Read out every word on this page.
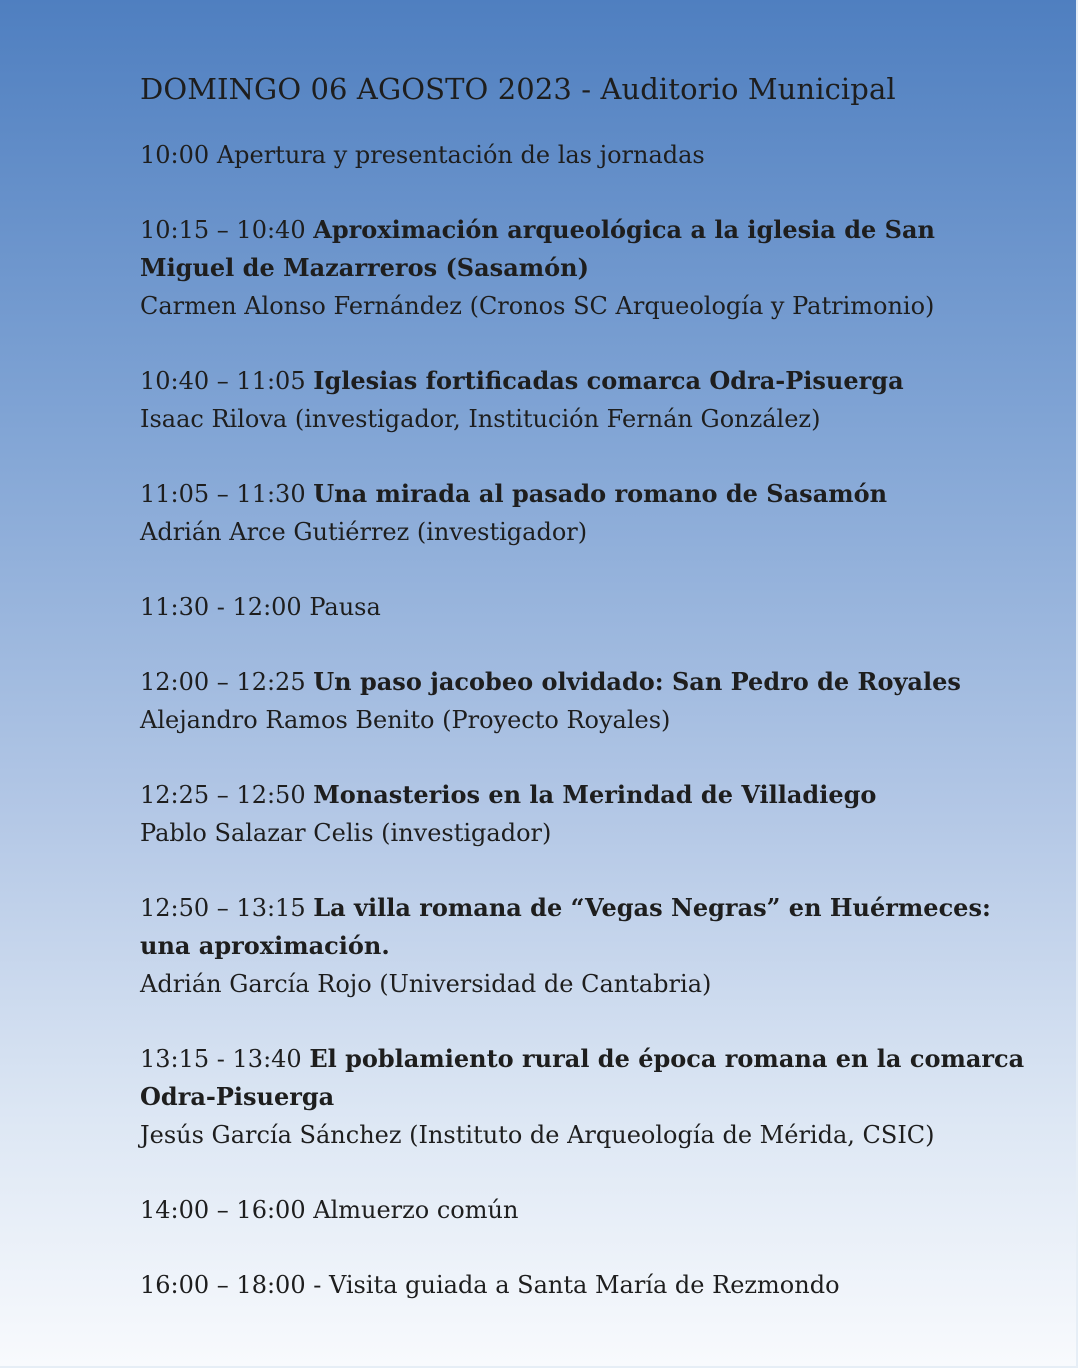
DOMINGO 06 AGOSTO 2023 - Auditorio Municipal

10:00 Apertura y presentación de las jornadas

10:15 – 10:40 Aproximación arqueológica a la iglesia de San Miguel de Mazarreros (Sasamón)

Carmen Alonso Fernández (Cronos SC Arqueología y Patrimonio)

10:40 – 11:05 Iglesias fortificadas comarca Odra-Pisuerga

Isaac Rilova (investigador, Institución Fernán González)

11:05 – 11:30 Una mirada al pasado romano de Sasamón

Adrián Arce Gutiérrez (investigador)

11:30 - 12:00 Pausa

12:00 – 12:25 Un paso jacobeo olvidado: San Pedro de Royales

Alejandro Ramos Benito (Proyecto Royales)

12:25 – 12:50 Monasterios en la Merindad de Villadiego

Pablo Salazar Celis (investigador)

12:50 – 13:15 La villa romana de “Vegas Negras” en Huérmeces: una aproximación.

Adrián García Rojo (Universidad de Cantabria)

13:15 - 13:40 El poblamiento rural de época romana en la comarca Odra-Pisuerga

Jesús García Sánchez (Instituto de Arqueología de Mérida, CSIC)

14:00 – 16:00 Almuerzo común

16:00 – 18:00 - Visita guiada a Santa María de Rezmondo
